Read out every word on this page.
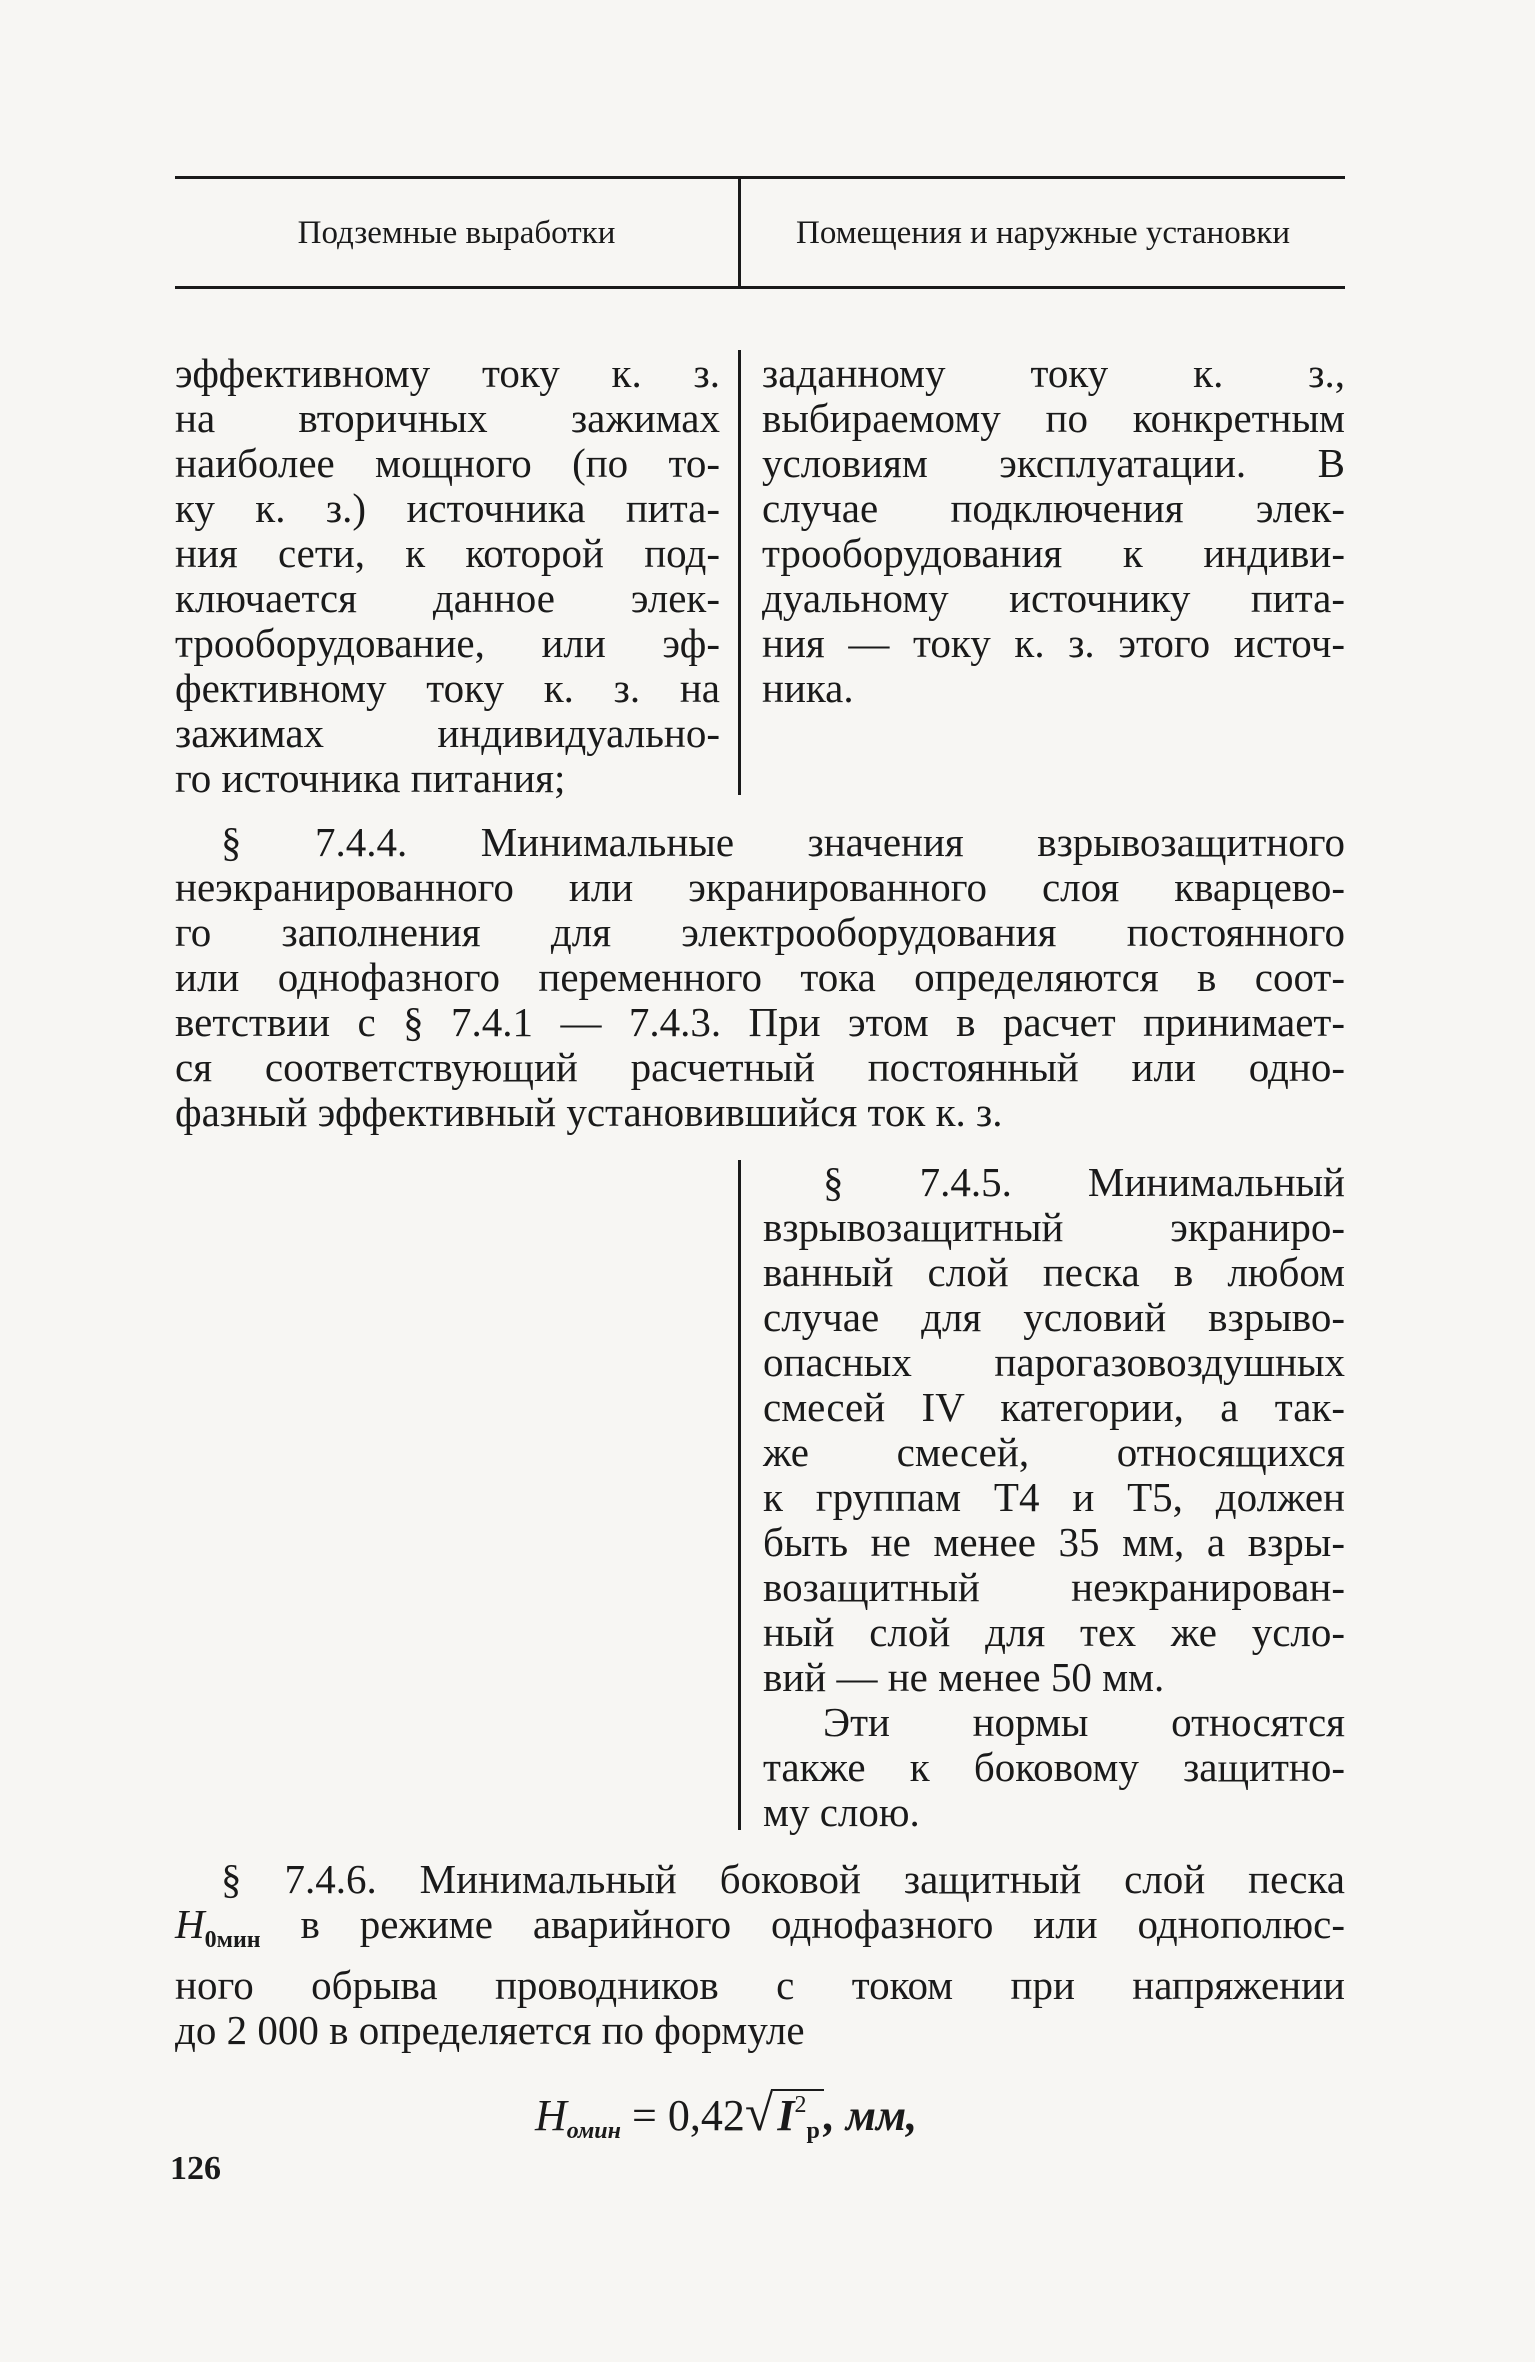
Подземные выработки	Помещения и наружные установки
эффективному току к. з.
на вторичных зажимах
наиболее мощного (по то-
ку к. з.) источника пита-
ния сети, к которой под-
ключается данное элек-
трооборудование, или эф-
фективному току к. з. на
зажимах индивидуально-
го источника питания;
заданному току к. з.,
выбираемому по конкретным
условиям эксплуатации. В
случае подключения элек-
трооборудования к индиви-
дуальному источнику пита-
ния — току к. з. этого источ-
ника.
§ 7.4.4. Минимальные значения взрывозащитного
неэкранированного или экранированного слоя кварцево-
го заполнения для электрооборудования постоянного
или однофазного переменного тока определяются в соот-
ветствии с § 7.4.1 — 7.4.3. При этом в расчет принимает-
ся соответствующий расчетный постоянный или одно-
фазный эффективный установившийся ток к. з.
§ 7.4.5. Минимальный
взрывозащитный экраниро-
ванный слой песка в любом
случае для условий взрыво-
опасных парогазовоздушных
смесей IV категории, а так-
же смесей, относящихся
к группам Т4 и Т5, должен
быть не менее 35 мм, а взры-
возащитный неэкранирован-
ный слой для тех же усло-
вий — не менее 50 мм.
Эти нормы относятся
также к боковому защитно-
му слою.
§ 7.4.6. Минимальный боковой защитный слой песка
$H_{0мин}$ в режиме аварийного однофазного или однополюс-
ного обрыва проводников с током при напряжении
до 2 000 в определяется по формуле
$H_{омин} = 0,42√I^2_р$, мм,
126
